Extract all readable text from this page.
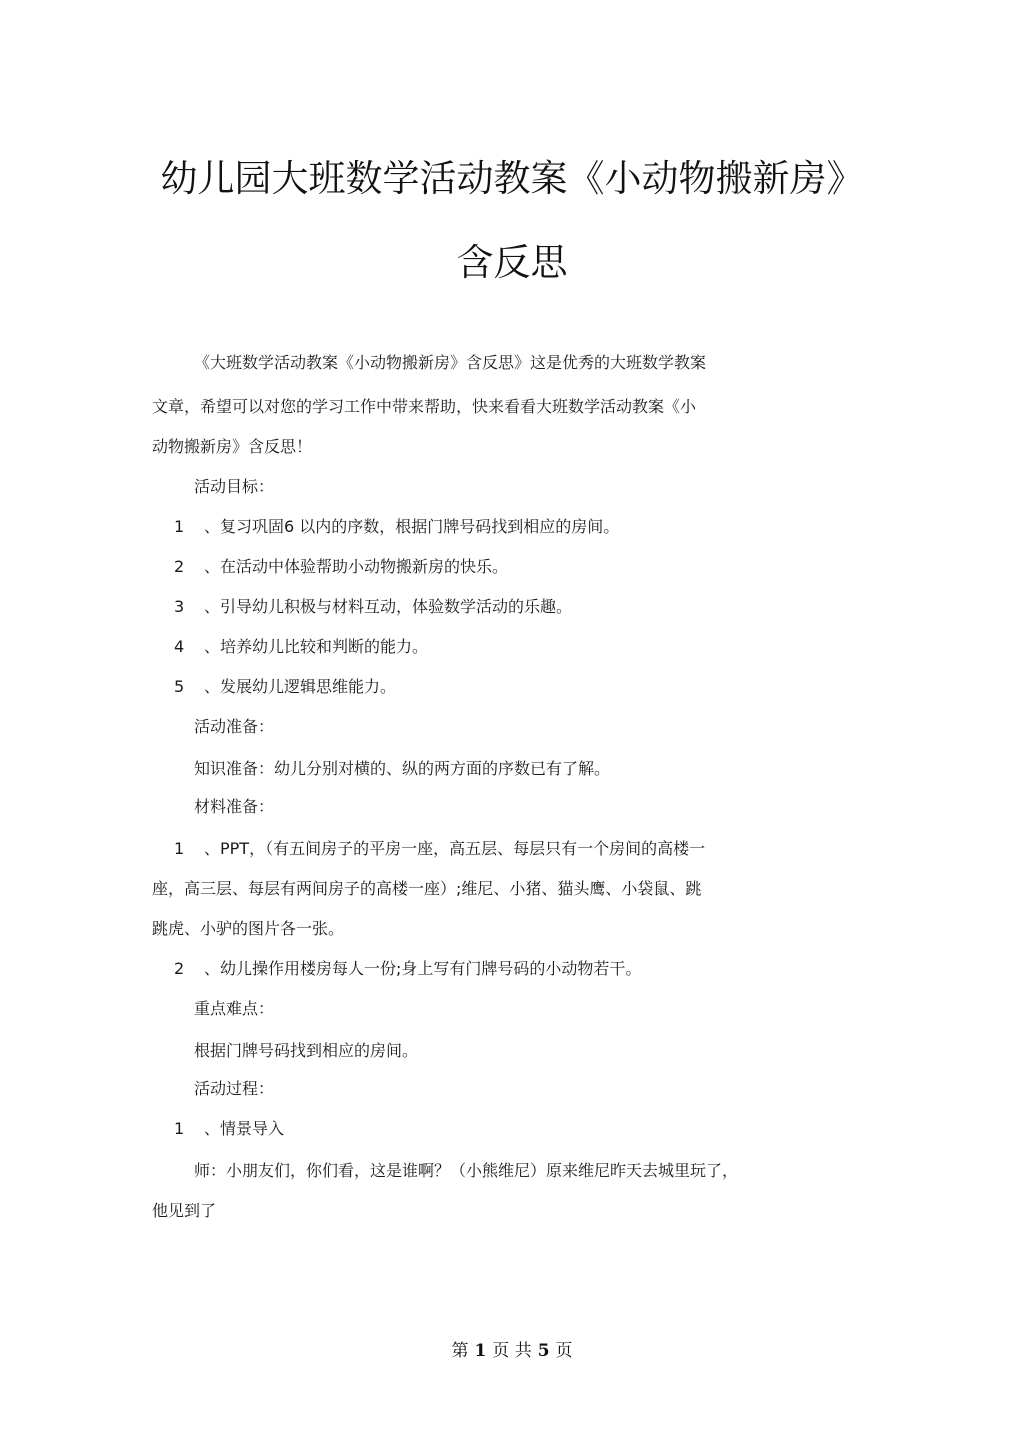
幼儿园大班数学活动教案《小动物搬新房》
含反思

《大班数学活动教案《小动物搬新房》含反思》这是优秀的大班数学教案

文章，希望可以对您的学习工作中带来帮助，快来看看大班数学活动教案《小

动物搬新房》含反思！

活动目标：

1 、复习巩固6 以内的序数，根据门牌号码找到相应的房间。
2 、在活动中体验帮助小动物搬新房的快乐。
3 、引导幼儿积极与材料互动，体验数学活动的乐趣。
4 、培养幼儿比较和判断的能力。
5 、发展幼儿逻辑思维能力。

活动准备：

知识准备：幼儿分别对横的、纵的两方面的序数已有了解。

材料准备：

1 、PPT，（有五间房子的平房一座，高五层、每层只有一个房间的高楼一

座，高三层、每层有两间房子的高楼一座）;维尼、小猪、猫头鹰、小袋鼠、跳

跳虎、小驴的图片各一张。

2 、幼儿操作用楼房每人一份;身上写有门牌号码的小动物若干。

重点难点：

根据门牌号码找到相应的房间。

活动过程：

1 、情景导入

师：小朋友们，你们看，这是谁啊？（小熊维尼）原来维尼昨天去城里玩了，

他见到了

第 1 页 共 5 页
